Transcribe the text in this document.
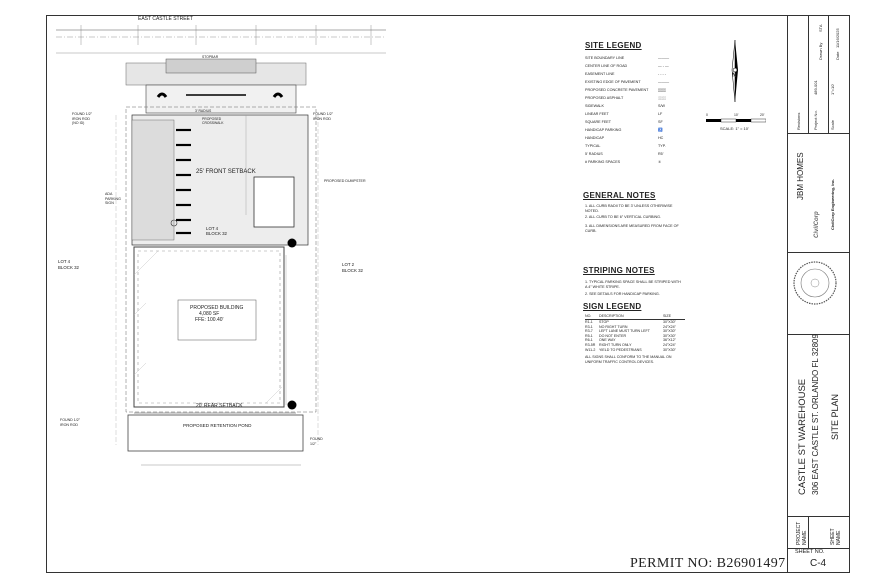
EAST CASTLE STREET
STOPBAR
3' RADIUS
PROPOSED CROSSWALK
25' FRONT SETBACK
PROPOSED DUMPSTER
LOT 4
BLOCK 32
LOT 4
BLOCK 32
LOT 2
BLOCK 32
PROPOSED BUILDING
4,080 SF
FFE: 100.40'
20' REAR SETBACK
PROPOSED RETENTION POND
ADA PARKING SIGN
FOUND 1/2" IRON ROD (NO ID)
FOUND 1/2" IRON ROD
FOUND 1/2" IRON ROD
FOUND 1/2"
N
0	10'	20'
SCALE: 1" = 10'
SITE LEGEND
SITE BOUNDARY LINE	———
CENTER LINE OF ROAD	— - —
EASEMENT LINE	- - - -
EXISTING EDGE OF PAVEMENT	———
PROPOSED CONCRETE PAVEMENT	▒▒▒
PROPOSED ASPHALT	░░░
SIDEWALK	S/W
LINEAR FEET	LF
SQUARE FEET	SF
HANDICAP PARKING	♿
HANDICAP	HC
TYPICAL	TYP.
5' RADIUS	R5'
# PARKING SPACES	⑤
GENERAL NOTES
1. ALL CURB RADII TO BE 3' UNLESS OTHERWISE NOTED.
2. ALL CURB TO BE 6" VERTICAL CURBING.
3. ALL DIMENSIONS ARE MEASURED FROM FACE OF CURB.
STRIPING NOTES
1. TYPICAL PARKING SPACE SHALL BE STRIPED WITH A 4" WHITE STRIPE.
2. SEE DETAILS FOR HANDICAP PARKING.
SIGN LEGEND
NO. DESCRIPTION	SIZE
R1-1 STOP	30"X30"
R3-1 NO RIGHT TURN	24"X24"
R3-7 LEFT LANE MUST TURN LEFT	30"X30"
R5-1 DO NOT ENTER	30"X30"
R6-1 ONE WAY	36"X12"
R3-5R RIGHT TURN ONLY	24"X24"
W11-2 YIELD TO PEDESTRIANS	30"X30"
ALL SIGNS SHALL CONFORM TO THE MANUAL ON UNIFORM TRAFFIC CONTROL DEVICES.
Revisions	Project No.
489-001
Scale
1"=10'
Drawn By
STA
Date
11/16/2025
JBM HOMES
CivilCorp	CivilCorp Engineering, Inc.
CASTLE ST WAREHOUSE 306 EAST CASTLE ST. ORLANDO FL 32809 SITE PLAN
PROJECT NAME	SHEET NAME
SHEET NO.
C-4
PERMIT NO: B26901497
